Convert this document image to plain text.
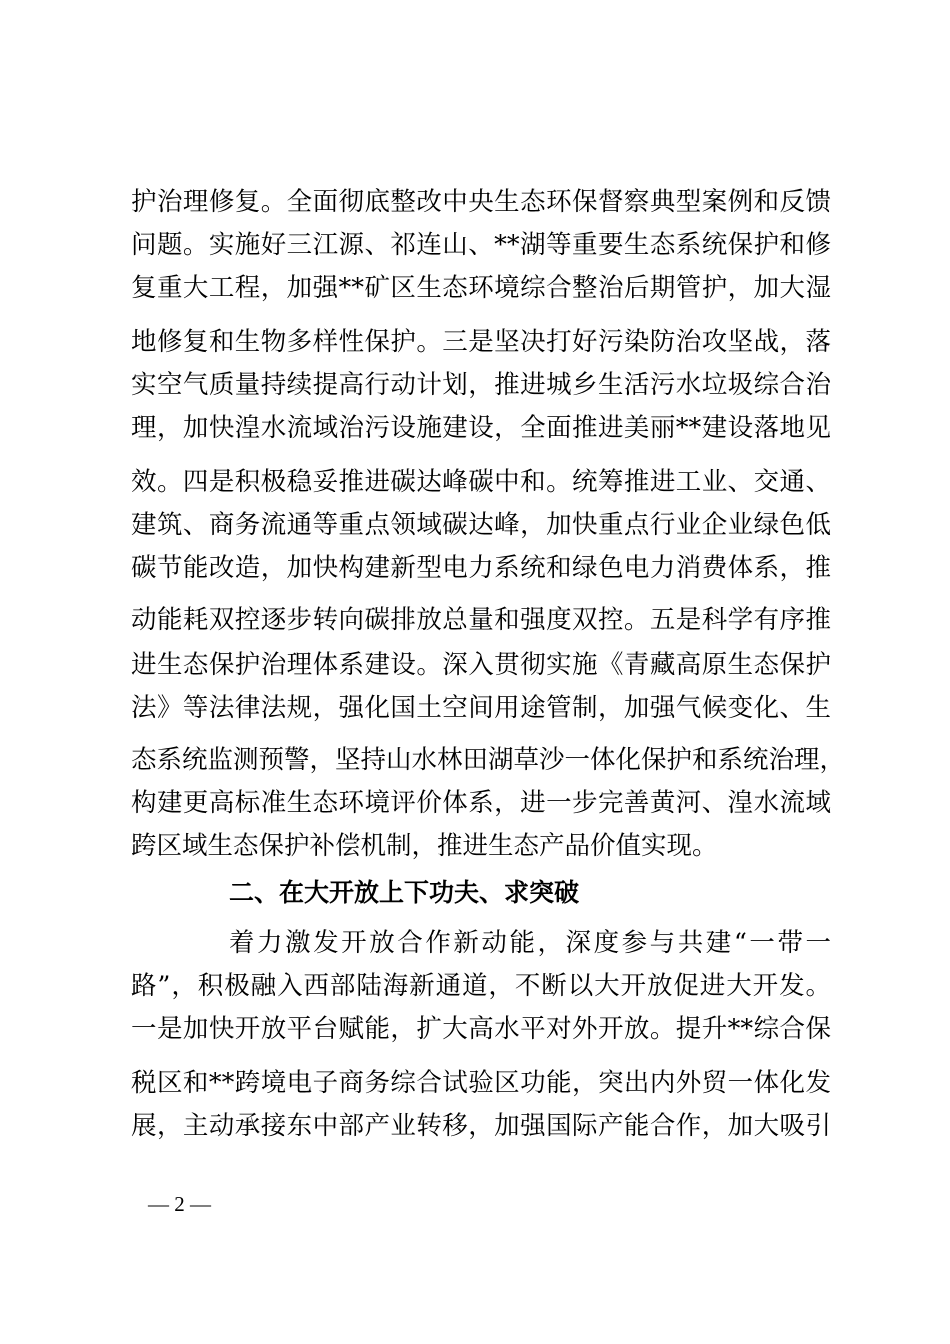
护治理修复。全面彻底整改中央生态环保督察典型案例和反馈
问题。实施好三江源、祁连山、**湖等重要生态系统保护和修
复重大工程，加强**矿区生态环境综合整治后期管护，加大湿
地修复和生物多样性保护。三是坚决打好污染防治攻坚战，落
实空气质量持续提高行动计划，推进城乡生活污水垃圾综合治
理，加快湟水流域治污设施建设，全面推进美丽**建设落地见
效。四是积极稳妥推进碳达峰碳中和。统筹推进工业、交通、
建筑、商务流通等重点领域碳达峰，加快重点行业企业绿色低
碳节能改造，加快构建新型电力系统和绿色电力消费体系，推
动能耗双控逐步转向碳排放总量和强度双控。五是科学有序推
进生态保护治理体系建设。深入贯彻实施《青藏高原生态保护
法》等法律法规，强化国土空间用途管制，加强气候变化、生
态系统监测预警，坚持山水林田湖草沙一体化保护和系统治理，
构建更高标准生态环境评价体系，进一步完善黄河、湟水流域
跨区域生态保护补偿机制，推进生态产品价值实现。
二、在大开放上下功夫、求突破
着力激发开放合作新动能，深度参与共建“一带一
路”，积极融入西部陆海新通道，不断以大开放促进大开发。
一是加快开放平台赋能，扩大高水平对外开放。提升**综合保
税区和**跨境电子商务综合试验区功能，突出内外贸一体化发
展，主动承接东中部产业转移，加强国际产能合作，加大吸引
— 2 —
